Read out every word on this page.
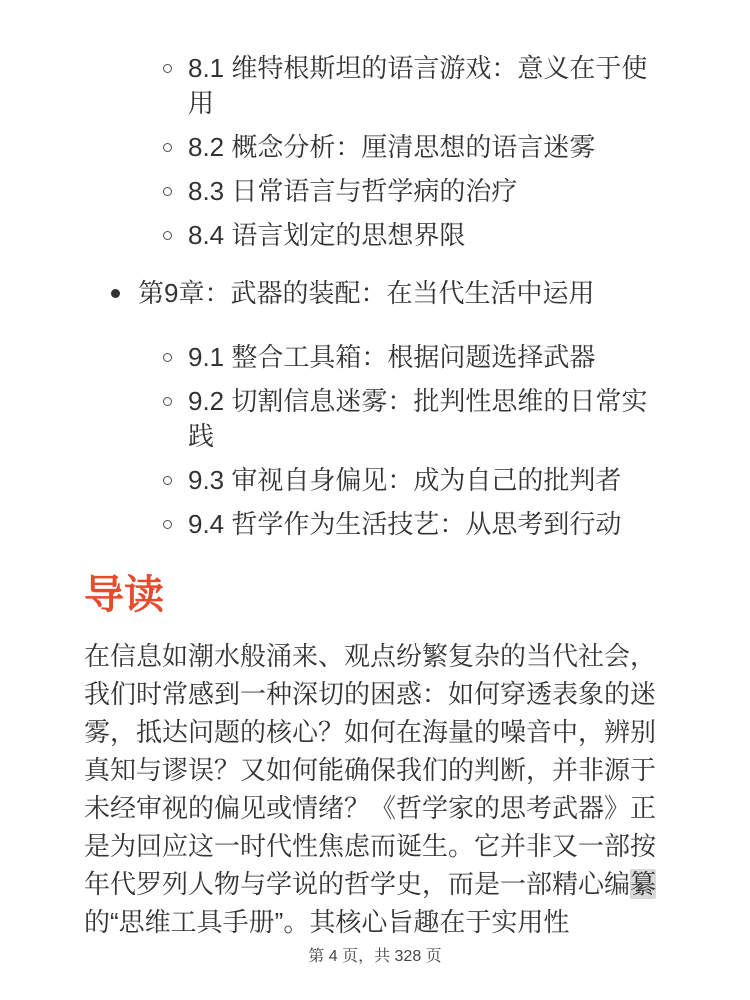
8.1 维特根斯坦的语言游戏：意义在于使用
8.2 概念分析：厘清思想的语言迷雾
8.3 日常语言与哲学病的治疗
8.4 语言划定的思想界限
第9章：武器的装配：在当代生活中运用
9.1 整合工具箱：根据问题选择武器
9.2 切割信息迷雾：批判性思维的日常实践
9.3 审视自身偏见：成为自己的批判者
9.4 哲学作为生活技艺：从思考到行动
导读

在信息如潮水般涌来、观点纷繁复杂的当代社会，我们时常感到一种深切的困惑：如何穿透表象的迷雾，抵达问题的核心？如何在海量的噪音中，辨别真知与谬误？又如何能确保我们的判断，并非源于未经审视的偏见或情绪？《哲学家的思考武器》正是为回应这一时代性焦虑而诞生。它并非又一部按年代罗列人物与学说的哲学史，而是一部精心编纂的“思维工具手册”。其核心旨趣在于实用性

第 4 页，共 328 页
